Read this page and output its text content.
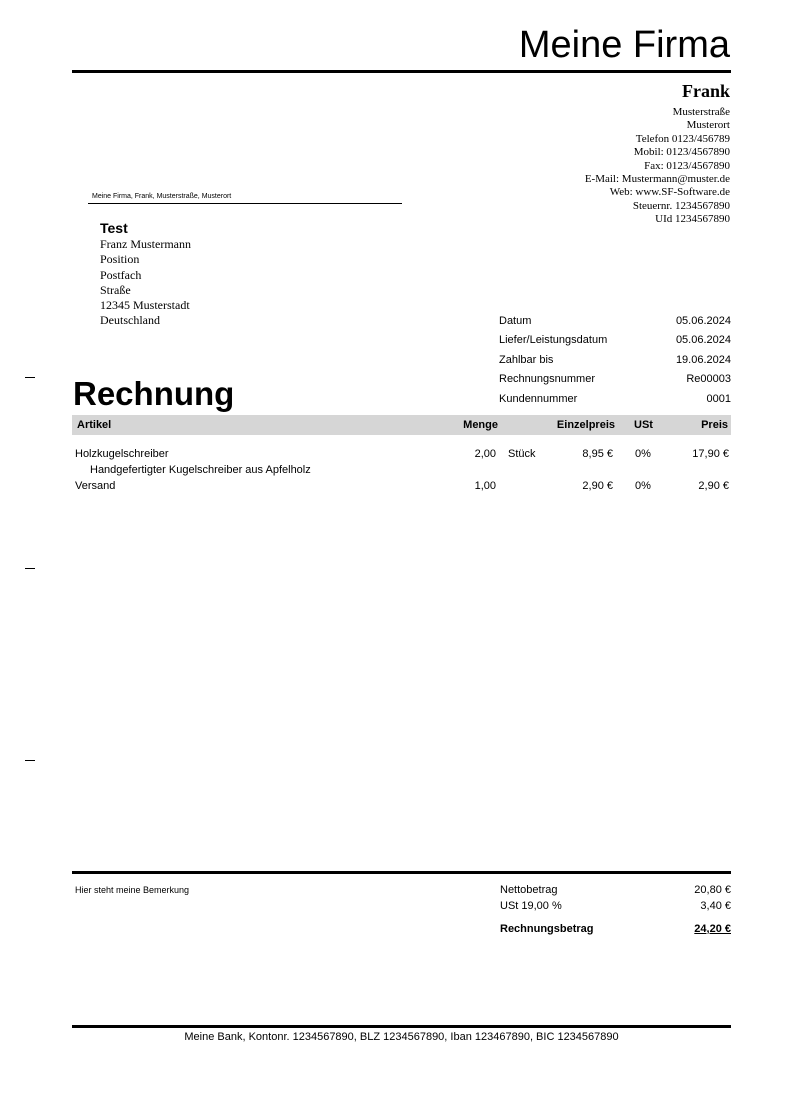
Meine Firma
Frank
Musterstraße
Musterort
Telefon 0123/456789
Mobil: 0123/4567890
Fax: 0123/4567890
E-Mail: Mustermann@muster.de
Web: www.SF-Software.de
Steuernr. 1234567890
UId 1234567890
Meine Firma, Frank, Musterstraße, Musterort
Test
Franz Mustermann
Position
Postfach
Straße
12345 Musterstadt
Deutschland	Datum	05.06.2024
Liefer/Leistungsdatum	05.06.2024
Zahlbar bis	19.06.2024
Rechnungsnummer	Re00003
Kundennummer	0001
Rechnung
Artikel	Menge	Einzelpreis USt	Preis
Holzkugelschreiber	2,00 Stück	8,95 € 0%	17,90 €
Handgefertigter Kugelschreiber aus Apfelholz
Versand	1,00	2,90 € 0%	2,90 €
Hier steht meine Bemerkung	Nettobetrag	20,80 €
USt 19,00 %	3,40 €
Rechnungsbetrag	24,20 €
Meine Bank, Kontonr. 1234567890, BLZ 1234567890, Iban 123467890, BIC 1234567890
